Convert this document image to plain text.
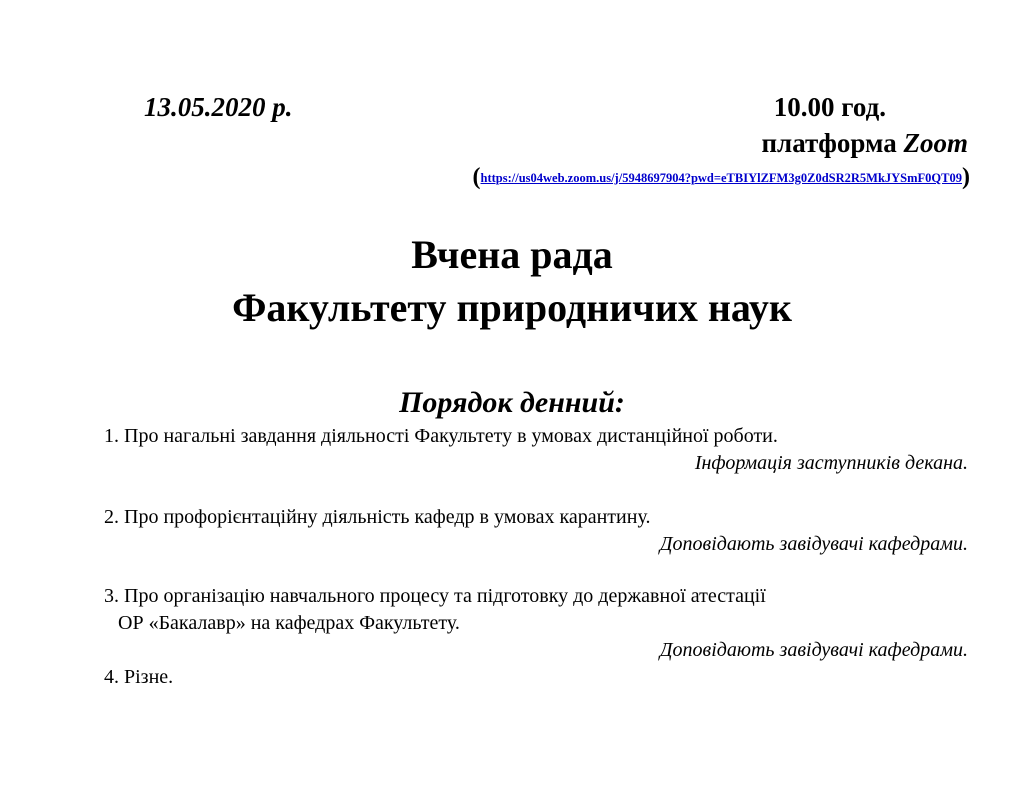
13.05.2020 р.	10.00 год.
платформа Zoom
(https://us04web.zoom.us/j/5948697904?pwd=eTBIYlZFM3g0Z0dSR2R5MkJYSmF0QT09)
Вчена рада
Факультету природничих наук
Порядок денний:
1. Про нагальні завдання діяльності Факультету в умовах дистанційної роботи.
Інформація заступників декана.
2. Про профорієнтаційну діяльність кафедр в умовах карантину.
Доповідають завідувачі кафедрами.
3. Про організацію навчального процесу та підготовку до державної атестації
ОР «Бакалавр» на кафедрах Факультету.
Доповідають завідувачі кафедрами.
4. Різне.
